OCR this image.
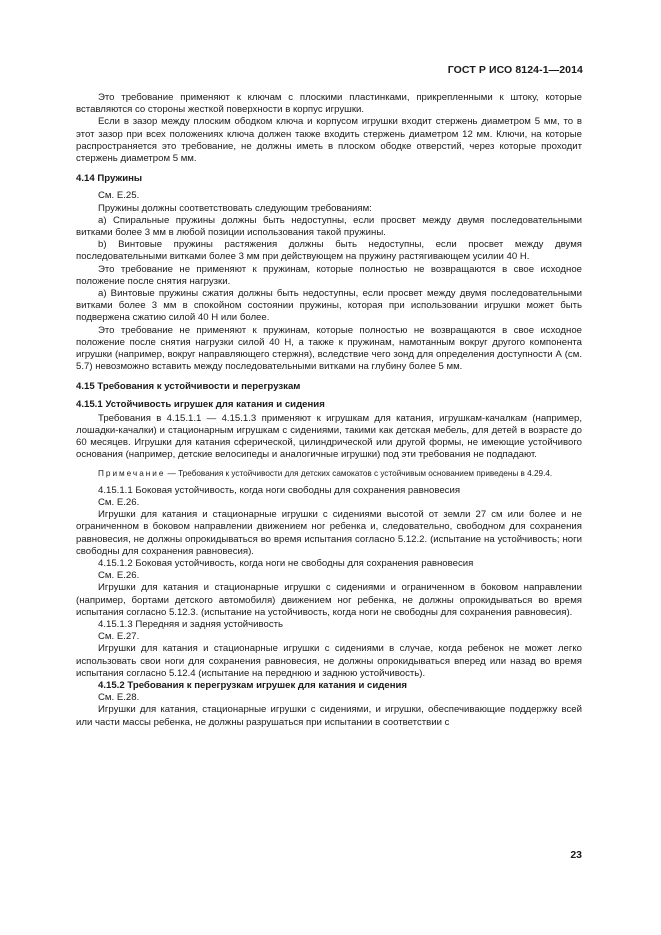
ГОСТ Р ИСО 8124-1—2014

Это требование применяют к ключам с плоскими пластинками, прикрепленными к штоку, которые вставляются со стороны жесткой поверхности в корпус игрушки.

Если в зазор между плоским ободком ключа и корпусом игрушки входит стержень диаметром 5 мм, то в этот зазор при всех положениях ключа должен также входить стержень диаметром 12 мм. Ключи, на которые распространяется это требование, не должны иметь в плоском ободке отверстий, через которые проходит стержень диаметром 5 мм.

4.14 Пружины

См. Е.25.

Пружины должны соответствовать следующим требованиям:

а) Спиральные пружины должны быть недоступны, если просвет между двумя последовательными витками более 3 мм в любой позиции использования такой пружины.

b) Винтовые пружины растяжения должны быть недоступны, если просвет между двумя последовательными витками более 3 мм при действующем на пружину растягивающем усилии 40 Н.

Это требование не применяют к пружинам, которые полностью не возвращаются в свое исходное положение после снятия нагрузки.

а) Винтовые пружины сжатия должны быть недоступны, если просвет между двумя последовательными витками более 3 мм в спокойном состоянии пружины, которая при использовании игрушки может быть подвержена сжатию силой 40 Н или более.

Это требование не применяют к пружинам, которые полностью не возвращаются в свое исходное положение после снятия нагрузки силой 40 Н, а также к пружинам, намотанным вокруг другого компонента игрушки (например, вокруг направляющего стержня), вследствие чего зонд для определения доступности А (см. 5.7) невозможно вставить между последовательными витками на глубину более 5 мм.

4.15 Требования к устойчивости и перегрузкам

4.15.1 Устойчивость игрушек для катания и сидения

Требования в 4.15.1.1 — 4.15.1.3 применяют к игрушкам для катания, игрушкам-качалкам (например, лошадки-качалки) и стационарным игрушкам с сидениями, такими как детская мебель, для детей в возрасте до 60 месяцев. Игрушки для катания сферической, цилиндрической или другой формы, не имеющие устойчивого основания (например, детские велосипеды и аналогичные игрушки) под эти требования не подпадают.

Примечание — Требования к устойчивости для детских самокатов с устойчивым основанием приведены в 4.29.4.

4.15.1.1 Боковая устойчивость, когда ноги свободны для сохранения равновесия

См. Е.26.

Игрушки для катания и стационарные игрушки с сидениями высотой от земли 27 см или более и не ограниченном в боковом направлении движением ног ребенка и, следовательно, свободном для сохранения равновесия, не должны опрокидываться во время испытания согласно 5.12.2. (испытание на устойчивость; ноги свободны для сохранения равновесия).

4.15.1.2 Боковая устойчивость, когда ноги не свободны для сохранения равновесия

См. Е.26.

Игрушки для катания и стационарные игрушки с сидениями и ограниченном в боковом направлении (например, бортами детского автомобиля) движением ног ребенка, не должны опрокидываться во время испытания согласно 5.12.3. (испытание на устойчивость, когда ноги не свободны для сохранения равновесия).

4.15.1.3 Передняя и задняя устойчивость

См. Е.27.

Игрушки для катания и стационарные игрушки с сидениями в случае, когда ребенок не может легко использовать свои ноги для сохранения равновесия, не должны опрокидываться вперед или назад во время испытания согласно 5.12.4 (испытание на переднюю и заднюю устойчивость).

4.15.2 Требования к перегрузкам игрушек для катания и сидения

См. Е.28.

Игрушки для катания, стационарные игрушки с сидениями, и игрушки, обеспечивающие поддержку всей или части массы ребенка, не должны разрушаться при испытании в соответствии с

23
